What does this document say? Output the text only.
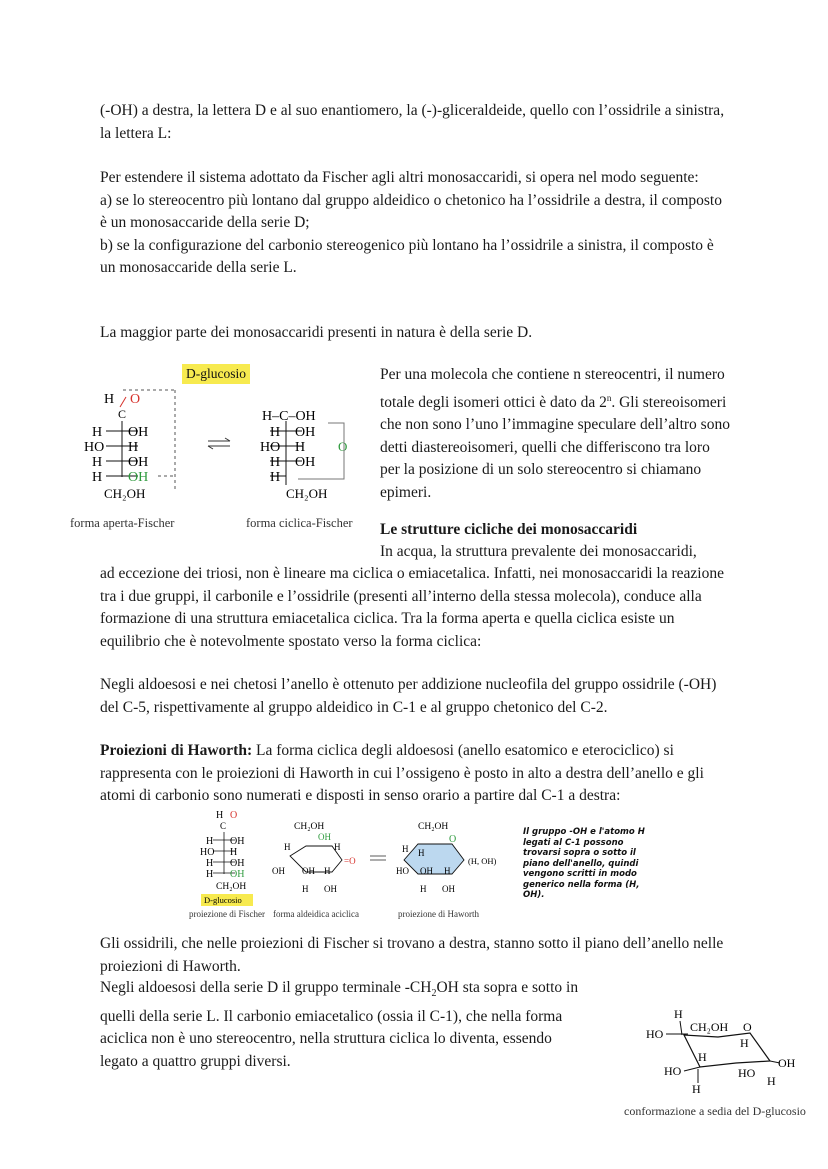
(-OH) a destra, la lettera D e al suo enantiomero, la (-)-gliceraldeide, quello con l’ossidrile a sinistra, la lettera L:

Per estendere il sistema adottato da Fischer agli altri monosaccaridi, si opera nel modo seguente:
a) se lo stereocentro più lontano dal gruppo aldeidico o chetonico ha l’ossidrile a destra, il composto è un monosaccaride della serie D;
b) se la configurazione del carbonio stereogenico più lontano ha l’ossidrile a sinistra, il composto è un monosaccaride della serie L.

La maggior parte dei monosaccaridi presenti in natura è della serie D.

D-glucosio
H O
C
H OH
HO H
H OH
H OH
CH₂OH
H–C–OH
H OH
HO H	O
H OH
H
CH₂OH
forma aperta-Fischer	forma ciclica-Fischer

Per una molecola che contiene n stereocentri, il numero totale degli isomeri ottici è dato da 2$^n$. Gli stereoisomeri che non sono l’uno l’immagine speculare dell’altro sono detti diastereoisomeri, quelli che differiscono tra loro per la posizione di un solo stereocentro si chiamano epimeri.

Le strutture cicliche dei monosaccaridi
In acqua, la struttura prevalente dei monosaccaridi,

ad eccezione dei triosi, non è lineare ma ciclica o emiacetalica. Infatti, nei monosaccaridi la reazione tra i due gruppi, il carbonile e l’ossidrile (presenti all’interno della stessa molecola), conduce alla formazione di una struttura emiacetalica ciclica. Tra la forma aperta e quella ciclica esiste un equilibrio che è notevolmente spostato verso la forma ciclica:

Negli aldoesosi e nei chetosi l’anello è ottenuto per addizione nucleofila del gruppo ossidrile (-OH) del C-5, rispettivamente al gruppo aldeidico in C-1 e al gruppo chetonico del C-2.

Proiezioni di Haworth: La forma ciclica degli aldoesosi (anello esatomico e eterociclico) si rappresenta con le proiezioni di Haworth in cui l’ossigeno è posto in alto a destra dell’anello e gli atomi di carbonio sono numerati e disposti in senso orario a partire dal C-1 a destra:

H O
C
H OH
HO H
H OH
H OH
CH₂OH
D-glucosio
CH₂OH
OH
H	H
=O
OH OH H
H OH
CH₂OH
O
H H
(H, OH)
HO OH H
H OH
proiezione di Fischer forma aldeidica aciclica	proiezione di Haworth
Il gruppo -OH e l'atomo H legati al C-1 possono trovarsi sopra o sotto il piano dell'anello, quindi vengono scritti in modo generico nella forma (H, OH).

Gli ossidrili, che nelle proiezioni di Fischer si trovano a destra, stanno sotto il piano dell’anello nelle proiezioni di Haworth.

Negli aldoesosi della serie D il gruppo terminale $-CH_2OH$ sta sopra e sotto in quelli della serie L. Il carbonio emiacetalico (ossia il C-1), che nella forma aciclica non è uno stereocentro, nella struttura ciclica lo diventa, essendo legato a quattro gruppi diversi.

H
CH₂OH O
HO
H
H	OH
HO	HO
H
H
conformazione a sedia del D-glucosio
